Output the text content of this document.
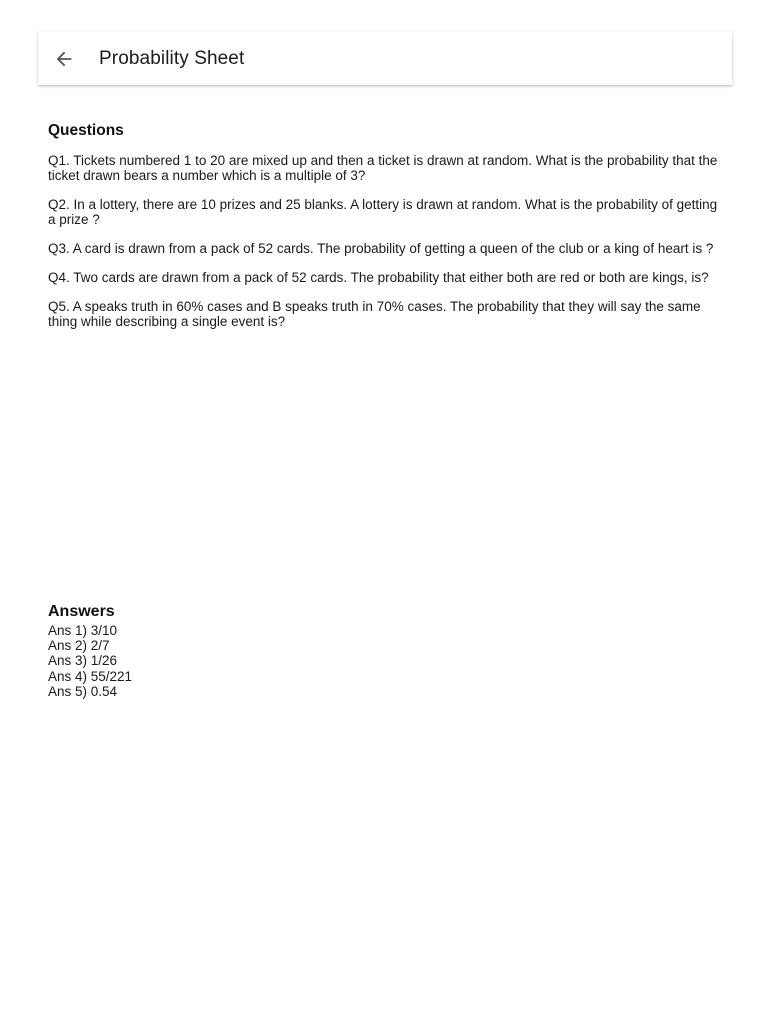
Probability Sheet
Questions

Q1. Tickets numbered 1 to 20 are mixed up and then a ticket is drawn at random. What is the probability that the ticket drawn bears a number which is a multiple of 3?

Q2. In a lottery, there are 10 prizes and 25 blanks. A lottery is drawn at random. What is the probability of getting a prize ?

Q3. A card is drawn from a pack of 52 cards. The probability of getting a queen of the club or a king of heart is ?

Q4. Two cards are drawn from a pack of 52 cards. The probability that either both are red or both are kings, is?

Q5. A speaks truth in 60% cases and B speaks truth in 70% cases. The probability that they will say the same thing while describing a single event is?

Answers
Ans 1) 3/10
Ans 2) 2/7
Ans 3) 1/26
Ans 4) 55/221
Ans 5) 0.54
